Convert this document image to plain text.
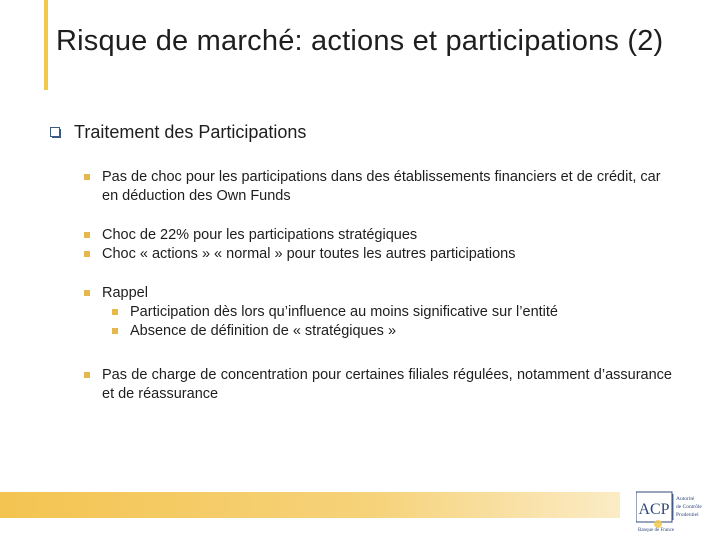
Risque de marché: actions et participations (2)
Traitement des Participations
Pas de choc pour les participations dans des établissements financiers et de crédit, car en déduction des Own Funds
Choc de 22% pour les participations stratégiques
Choc « actions » « normal » pour toutes les autres participations
Rappel
Participation dès lors qu’influence au moins significative sur l’entité
Absence de définition de « stratégiques »
Pas de charge de concentration pour certaines filiales régulées, notamment d’assurance et de réassurance
ACP
Autorité
de Contrôle
Prudentiel
Banque de France
